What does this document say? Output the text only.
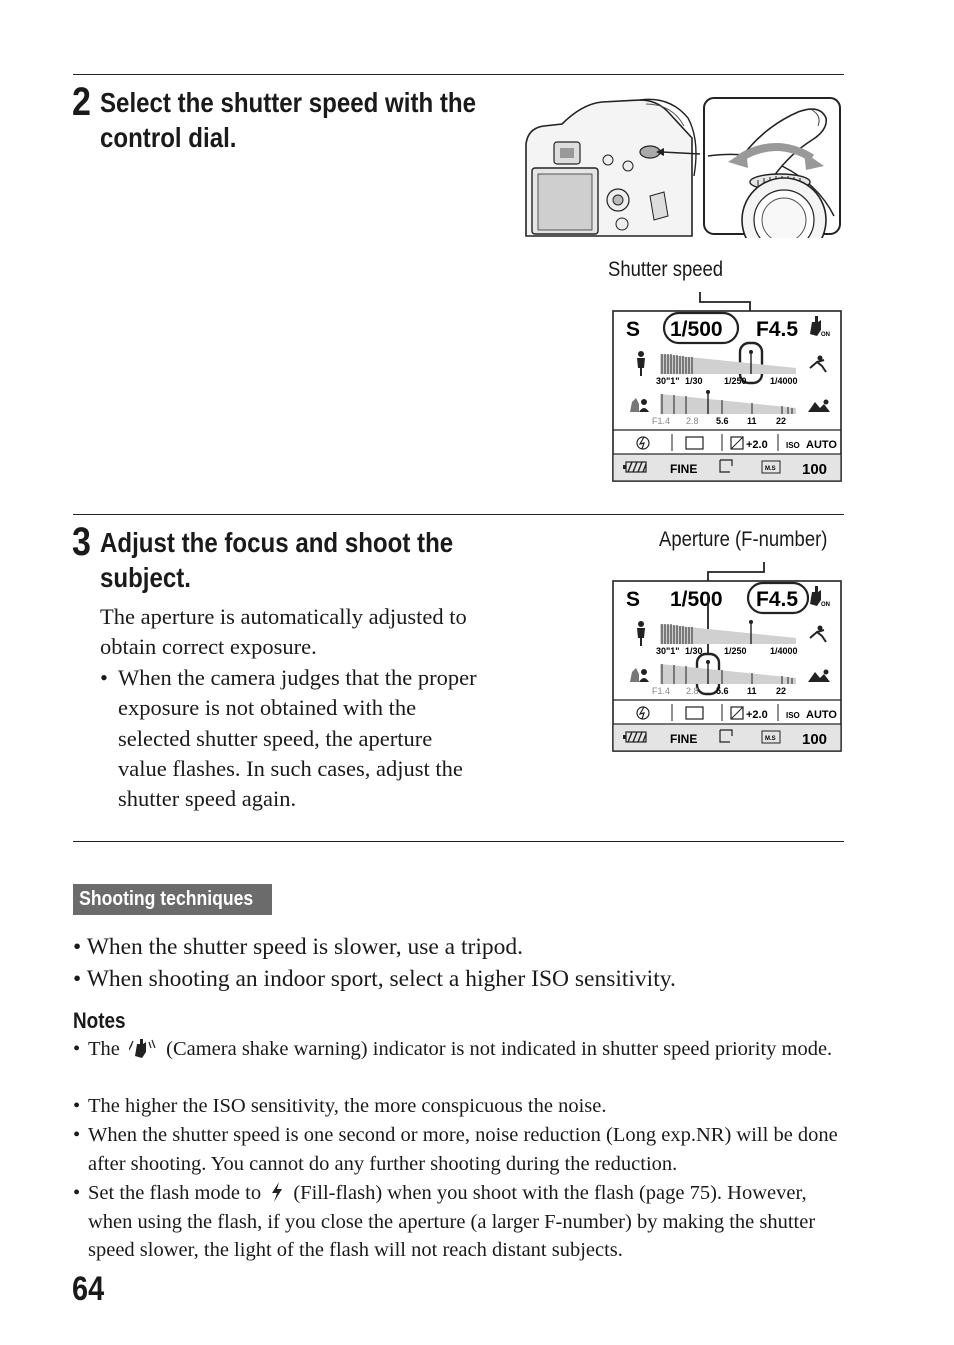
2 Select the shutter speed with the
control dial.
Shutter speed
S 1/500 F4.5	ON
30"1" 1/30 1/250	1/4000
F1.4 2.8 5.6 11 22
+2.0 ISO AUTO
FINE	M.S 100
3 Adjust the focus and shoot the
subject.
The aperture is automatically adjusted to
obtain correct exposure.
• When the camera judges that the proper
exposure is not obtained with the
selected shutter speed, the aperture
value flashes. In such cases, adjust the
shutter speed again.
Aperture (F-number)
S 1/500 F4.5	ON
30"1" 1/30 1/250	1/4000
F1.4 2.8 5.6 11 22
+2.0 ISO AUTO
FINE	M.S 100
Shooting techniques
• When the shutter speed is slower, use a tripod.
• When shooting an indoor sport, select a higher ISO sensitivity.
Notes
• The (Camera shake warning) indicator is not indicated in shutter speed priority mode.
• The higher the ISO sensitivity, the more conspicuous the noise.
• When the shutter speed is one second or more, noise reduction (Long exp.NR) will be done after shooting. You cannot do any further shooting during the reduction.
• Set the flash mode to (Fill-flash) when you shoot with the flash (page 75). However, when using the flash, if you close the aperture (a larger F-number) by making the shutter speed slower, the light of the flash will not reach distant subjects.
64
